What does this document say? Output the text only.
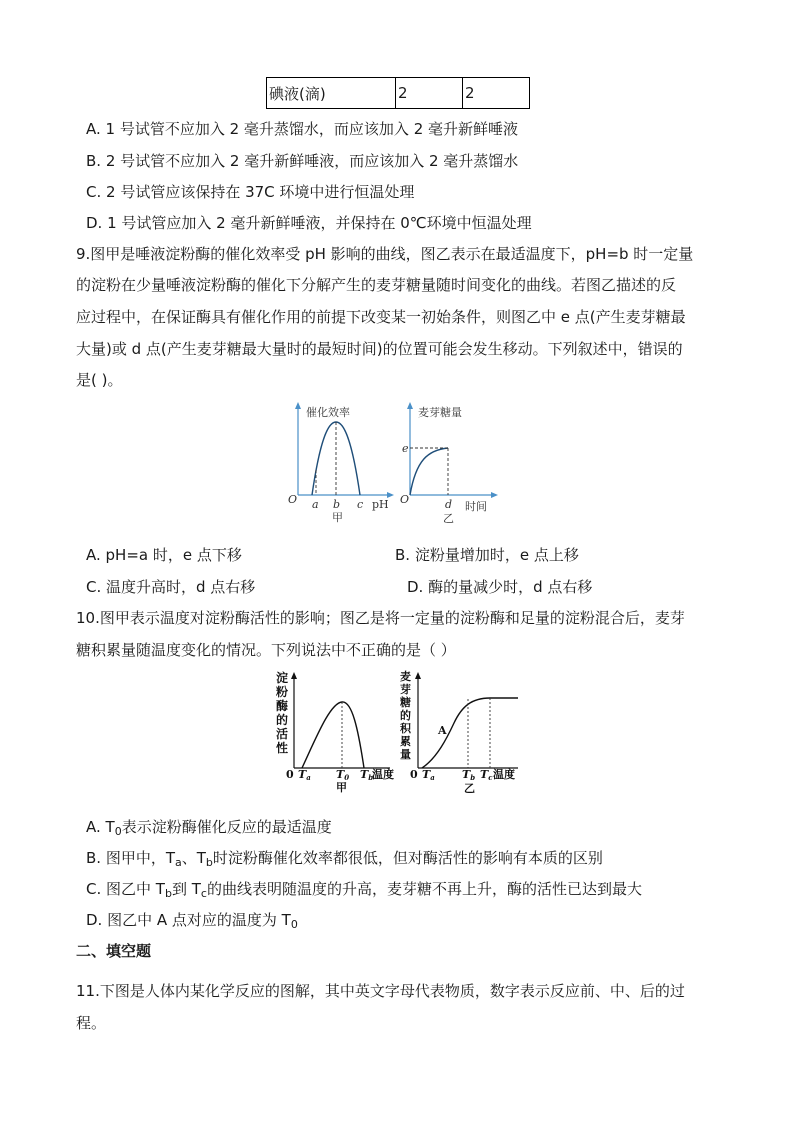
碘液(滴)	2	2
A. 1 号试管不应加入 2 毫升蒸馏水，而应该加入 2 毫升新鲜唾液
B. 2 号试管不应加入 2 毫升新鲜唾液，而应该加入 2 毫升蒸馏水
C. 2 号试管应该保持在 37C 环境中进行恒温处理
D. 1 号试管应加入 2 毫升新鲜唾液，并保持在 0℃环境中恒温处理
9.图甲是唾液淀粉酶的催化效率受 pH 影响的曲线，图乙表示在最适温度下，pH=b 时一定量
的淀粉在少量唾液淀粉酶的催化下分解产生的麦芽糖量随时间变化的曲线。若图乙描述的反
应过程中，在保证酶具有催化作用的前提下改变某一初始条件，则图乙中 e 点(产生麦芽糖最
大量)或 d 点(产生麦芽糖最大量时的最短时间)的位置可能会发生移动。下列叙述中，错误的
是( )。
催化效率
O a b c pH
甲
麦芽糖量
e
O	d 时间
乙
A. pH=a 时，e 点下移	B. 淀粉量增加时，e 点上移
C. 温度升高时，d 点右移	D. 酶的量减少时，d 点右移
10.图甲表示温度对淀粉酶活性的影响；图乙是将一定量的淀粉酶和足量的淀粉混合后，麦芽
糖积累量随温度变化的情况。下列说法中不正确的是（ ）
淀
粉
酶
的
活
性
0 Ta T0 Tb
温度
甲
麦
芽
糖
的
积
累
量
A
0 Ta Tb Tc 温度
乙
A. $T_0$表示淀粉酶催化反应的最适温度
B. 图甲中，$T_a$、$T_b$时淀粉酶催化效率都很低，但对酶活性的影响有本质的区别
C. 图乙中 $T_b$到 $T_c$的曲线表明随温度的升高，麦芽糖不再上升，酶的活性已达到最大
D. 图乙中 A 点对应的温度为 $T_0$
二、填空题
11.下图是人体内某化学反应的图解，其中英文字母代表物质，数字表示反应前、中、后的过
程。
